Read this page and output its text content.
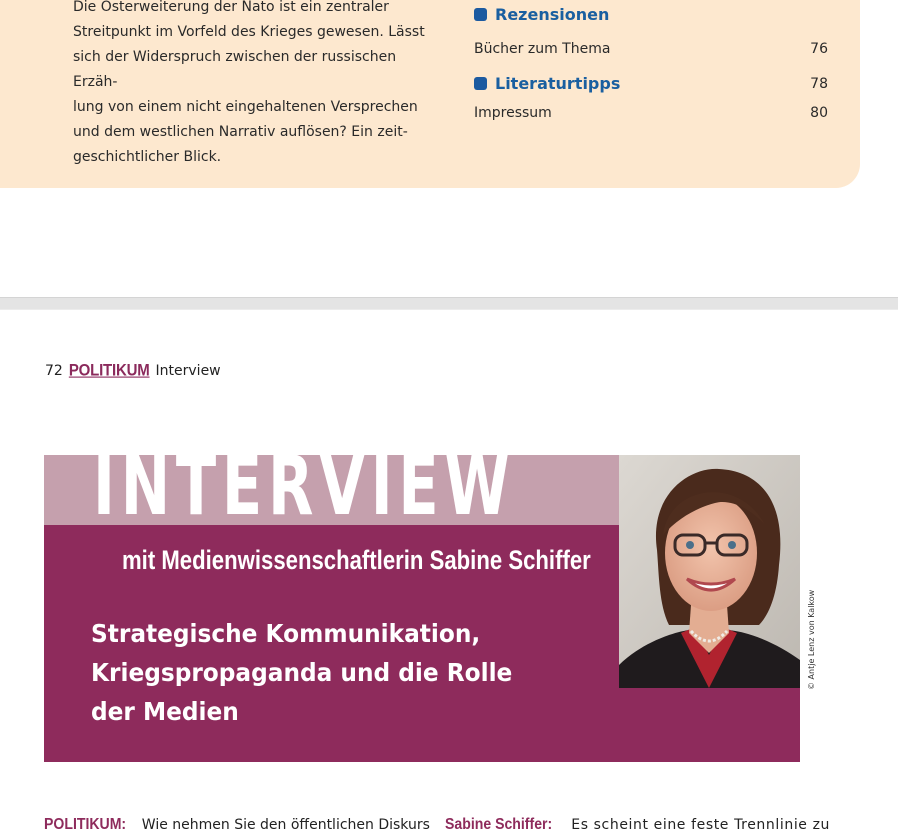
Die Osterweiterung der Nato ist ein zentraler

Streitpunkt im Vorfeld des Krieges gewesen. Lässt

sich der Widerspruch zwischen der russischen Erzäh-

lung von einem nicht eingehaltenen Versprechen

und dem westlichen Narrativ auflösen? Ein zeit-

geschichtlicher Blick.

Rezensionen
Bücher zum Thema	76
Literaturtipps	78
Impressum	80
72 POLITIKUM Interview
INTERVIEW
mit Medienwissenschaftlerin Sabine Schiffer
Strategische Kommunikation,
Kriegspropaganda und die Rolle
der Medien
© Antje Lenz von Kalkow
POLITIKUM: Wie nehmen Sie den öffentlichen Diskurs Sabine Schiffer: Es scheint eine feste Trennlinie zu
